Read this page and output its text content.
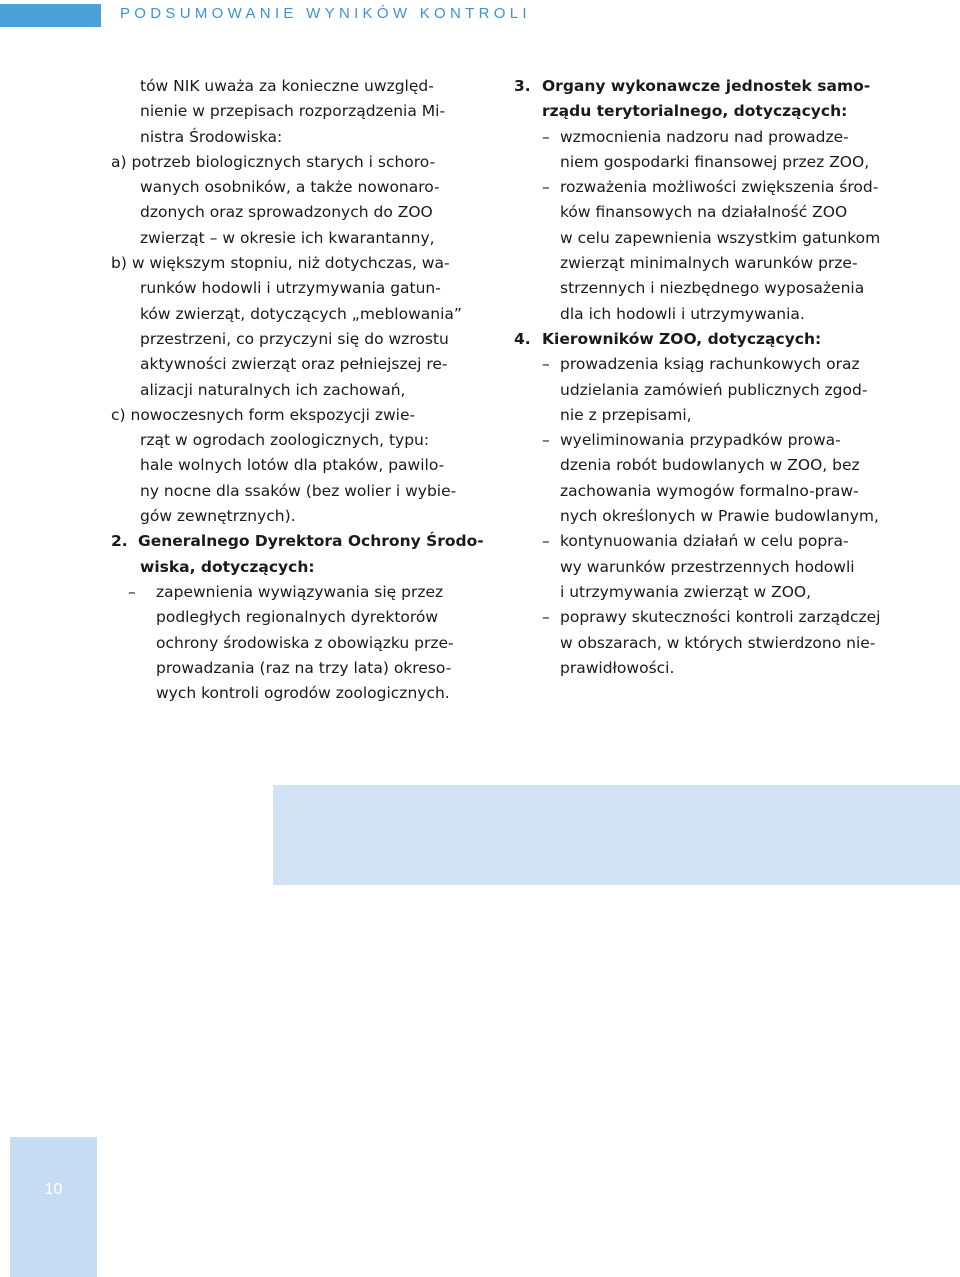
PODSUMOWANIE WYNIKÓW KONTROLI
tów NIK uważa za konieczne uwzględ-
nienie w przepisach rozporządzenia Mi-
nistra Środowiska:
a) potrzeb biologicznych starych i schoro-
wanych osobników, a także nowonaro-
dzonych oraz sprowadzonych do ZOO
zwierząt – w okresie ich kwarantanny,
b) w większym stopniu, niż dotychczas, wa-
runków hodowli i utrzymywania gatun-
ków zwierząt, dotyczących „meblowania”
przestrzeni, co przyczyni się do wzrostu
aktywności zwierząt oraz pełniejszej re-
alizacji naturalnych ich zachowań,
c) nowoczesnych form ekspozycji zwie-
rząt w ogrodach zoologicznych, typu:
hale wolnych lotów dla ptaków, pawilo-
ny nocne dla ssaków (bez wolier i wybie-
gów zewnętrznych).
2. Generalnego Dyrektora Ochrony Środo-
wiska, dotyczących:
– zapewnienia wywiązywania się przez
podległych regionalnych dyrektorów
ochrony środowiska z obowiązku prze-
prowadzania (raz na trzy lata) okreso-
wych kontroli ogrodów zoologicznych.
3. Organy wykonawcze jednostek samo-
rządu terytorialnego, dotyczących:
– wzmocnienia nadzoru nad prowadze-
niem gospodarki finansowej przez ZOO,
– rozważenia możliwości zwiększenia środ-
ków finansowych na działalność ZOO
w celu zapewnienia wszystkim gatunkom
zwierząt minimalnych warunków prze-
strzennych i niezbędnego wyposażenia
dla ich hodowli i utrzymywania.
4. Kierowników ZOO, dotyczących:
– prowadzenia ksiąg rachunkowych oraz
udzielania zamówień publicznych zgod-
nie z przepisami,
– wyeliminowania przypadków prowa-
dzenia robót budowlanych w ZOO, bez
zachowania wymogów formalno-praw-
nych określonych w Prawie budowlanym,
– kontynuowania działań w celu popra-
wy warunków przestrzennych hodowli
i utrzymywania zwierząt w ZOO,
– poprawy skuteczności kontroli zarządczej
w obszarach, w których stwierdzono nie-
prawidłowości.
10
